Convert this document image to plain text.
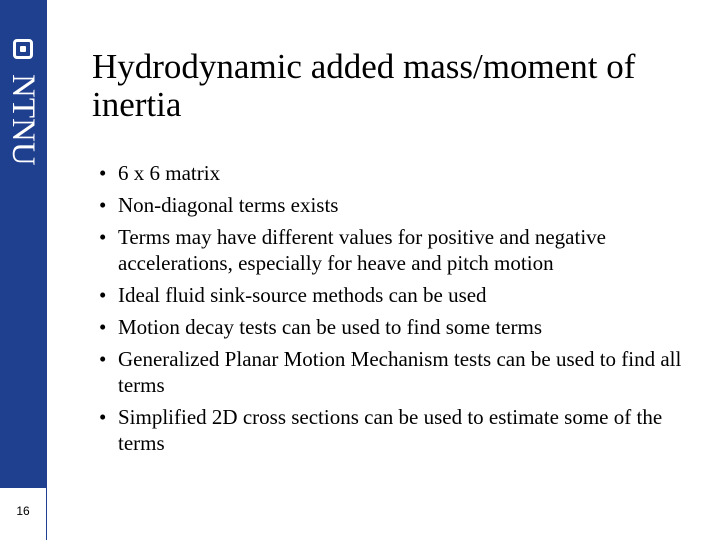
NTNU
16
Hydrodynamic added mass/moment of inertia
• 6 x 6 matrix
• Non-diagonal terms exists
• Terms may have different values for positive and negative accelerations, especially for heave and pitch motion
• Ideal fluid sink-source methods can be used
• Motion decay tests can be used to find some terms
• Generalized Planar Motion Mechanism tests can be used to find all terms
• Simplified 2D cross sections can be used to estimate some of the terms
